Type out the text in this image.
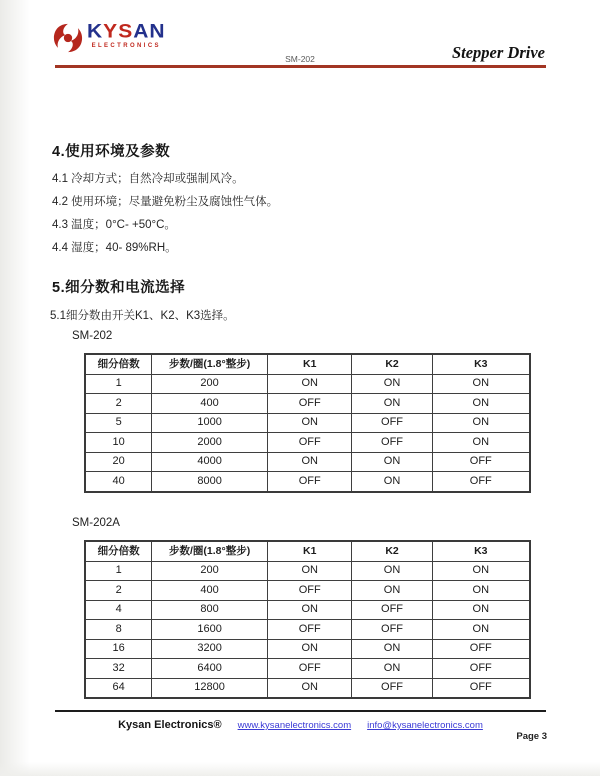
KYSAN
ELECTRONICS
SM-202	Stepper Drive
4.使用环境及参数
4.1 冷却方式；自然冷却或强制风冷。
4.2 使用环境；尽量避免粉尘及腐蚀性气体。
4.3 温度；0°C- +50°C。
4.4 湿度；40- 89%RH。
5.细分数和电流选择
5.1细分数由开关K1、K2、K3选择。
SM-202
细分倍数	步数/圈(1.8°整步)	K1	K2	K3
1	200	ON	ON	ON
2	400	OFF	ON	ON
5	1000	ON	OFF	ON
10	2000	OFF	OFF	ON
20	4000	ON	ON	OFF
40	8000	OFF	ON	OFF
SM-202A
细分倍数	步数/圈(1.8°整步)	K1	K2	K3
1	200	ON	ON	ON
2	400	OFF	ON	ON
4	800	ON	OFF	ON
8	1600	OFF	OFF	ON
16	3200	ON	ON	OFF
32	6400	OFF	ON	OFF
64	12800	ON	OFF	OFF
Kysan Electronics® www.kysanelectronics.com info@kysanelectronics.com
Page 3
